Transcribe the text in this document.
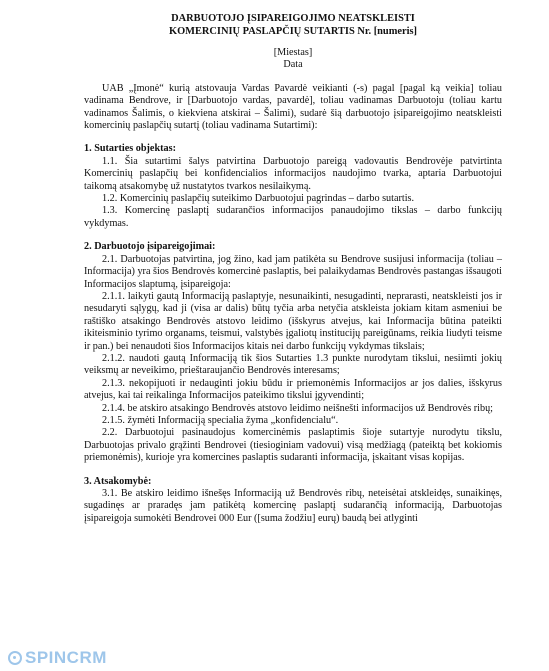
DARBUOTOJO ĮSIPAREIGOJIMO NEATSKLEISTI
KOMERCINIŲ PASLAPČIŲ SUTARTIS Nr. [numeris]
[Miestas]
Data

UAB „Įmonė“ kurią atstovauja Vardas Pavardė veikianti (-s) pagal [pagal ką veikia] toliau vadinama Bendrove, ir [Darbuotojo vardas, pavardė], toliau vadinamas Darbuotoju (toliau kartu vadinamos Šalimis, o kiekviena atskirai – Šalimi), sudarė šią darbuotojo įsipareigojimo neatskleisti komercinių paslapčių sutartį (toliau vadinama Sutartimi):

1. Sutarties objektas:

1.1. Šia sutartimi šalys patvirtina Darbuotojo pareigą vadovautis Bendrovėje patvirtinta Komercinių paslapčių bei konfidencialios informacijos naudojimo tvarka, aptaria Darbuotojui taikomą atsakomybę už nustatytos tvarkos nesilaikymą.

1.2. Komercinių paslapčių suteikimo Darbuotojui pagrindas – darbo sutartis.

1.3. Komercinę paslaptį sudarančios informacijos panaudojimo tikslas – darbo funkcijų vykdymas.

2. Darbuotojo įsipareigojimai:

2.1. Darbuotojas patvirtina, jog žino, kad jam patikėta su Bendrove susijusi informacija (toliau – Informacija) yra šios Bendrovės komercinė paslaptis, bei palaikydamas Bendrovės pastangas išsaugoti Informacijos slaptumą, įsipareigoja:

2.1.1. laikyti gautą Informaciją paslaptyje, nesunaikinti, nesugadinti, neprarasti, neatskleisti jos ir nesudaryti sąlygų, kad ji (visa ar dalis) būtų tyčia arba netyčia atskleista jokiam kitam asmeniui be raštiško atsakingo Bendrovės atstovo leidimo (išskyrus atvejus, kai Informacija būtina pateikti ikiteisminio tyrimo organams, teismui, valstybės įgaliotų institucijų pareigūnams, reikia liudyti teisme ir pan.) bei nenaudoti šios Informacijos kitais nei darbo funkcijų vykdymas tikslais;

2.1.2. naudoti gautą Informaciją tik šios Sutarties 1.3 punkte nurodytam tikslui, nesiimti jokių veiksmų ar neveikimo, prieštaraujančio Bendrovės interesams;

2.1.3. nekopijuoti ir nedauginti jokiu būdu ir priemonėmis Informacijos ar jos dalies, išskyrus atvejus, kai tai reikalinga Informacijos pateikimo tikslui įgyvendinti;

2.1.4. be atskiro atsakingo Bendrovės atstovo leidimo neišnešti informacijos už Bendrovės ribų;

2.1.5. žymėti Informaciją specialia žyma „konfidencialu“.

2.2. Darbuotojui pasinaudojus komercinėmis paslaptimis šioje sutartyje nurodytu tikslu, Darbuotojas privalo grąžinti Bendrovei (tiesioginiam vadovui) visą medžiagą (pateiktą bet kokiomis priemonėmis), kurioje yra komercines paslaptis sudaranti informacija, įskaitant visas kopijas.

3. Atsakomybė:

3.1. Be atskiro leidimo išnešęs Informaciją už Bendrovės ribų, neteisėtai atskleidęs, sunaikinęs, sugadinęs ar praradęs jam patikėtą komercinę paslaptį sudarančią informaciją, Darbuotojas įsipareigoja sumokėti Bendrovei 000 Eur ([suma žodžiu] eurų) baudą bei atlyginti

SPINCRM
